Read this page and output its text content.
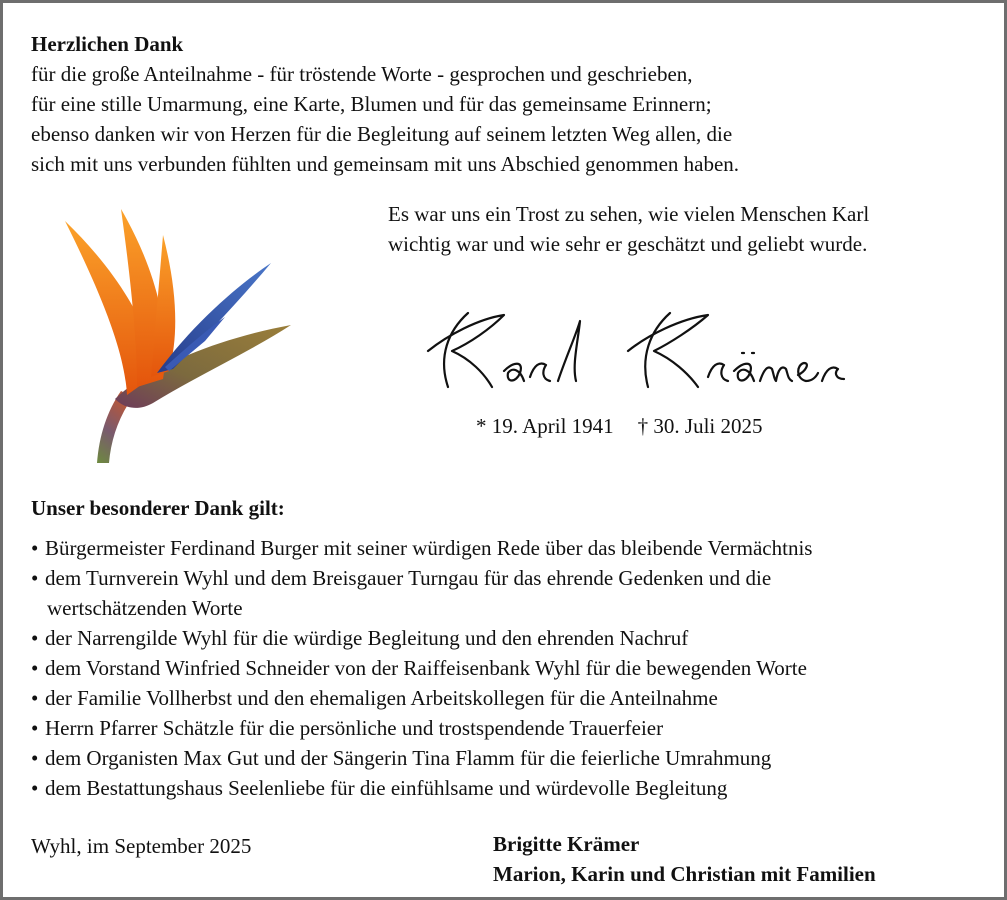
Herzlichen Dank
für die große Anteilnahme - für tröstende Worte - gesprochen und geschrieben,
für eine stille Umarmung, eine Karte, Blumen und für das gemeinsame Erinnern;
ebenso danken wir von Herzen für die Begleitung auf seinem letzten Weg allen, die
sich mit uns verbunden fühlten und gemeinsam mit uns Abschied genommen haben.
Es war uns ein Trost zu sehen, wie vielen Menschen Karl
wichtig war und wie sehr er geschätzt und geliebt wurde.
* 19. April 1941 † 30. Juli 2025
Unser besonderer Dank gilt:
• Bürgermeister Ferdinand Burger mit seiner würdigen Rede über das bleibende Vermächtnis
• dem Turnverein Wyhl und dem Breisgauer Turngau für das ehrende Gedenken und die
wertschätzenden Worte
• der Narrengilde Wyhl für die würdige Begleitung und den ehrenden Nachruf
• dem Vorstand Winfried Schneider von der Raiffeisenbank Wyhl für die bewegenden Worte
• der Familie Vollherbst und den ehemaligen Arbeitskollegen für die Anteilnahme
• Herrn Pfarrer Schätzle für die persönliche und trostspendende Trauerfeier
• dem Organisten Max Gut und der Sängerin Tina Flamm für die feierliche Umrahmung
• dem Bestattungshaus Seelenliebe für die einfühlsame und würdevolle Begleitung
Wyhl, im September 2025	Brigitte Krämer
Marion, Karin und Christian mit Familien
